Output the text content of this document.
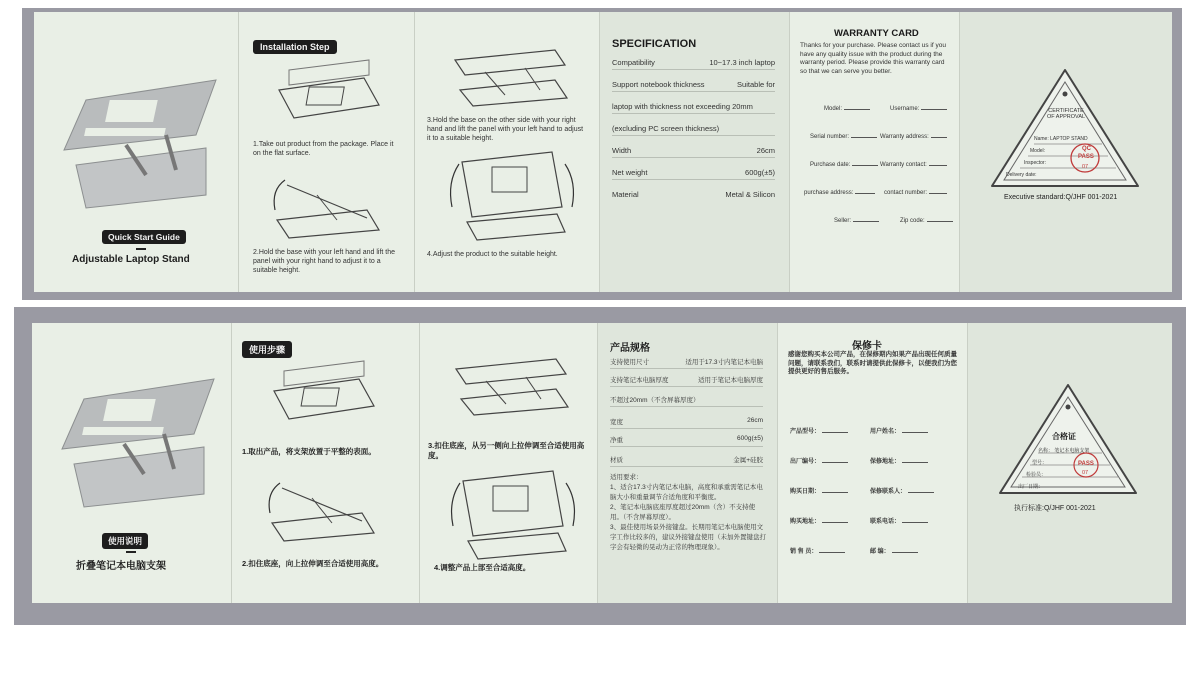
Quick Start Guide
Adjustable Laptop Stand
Installation Step
1.Take out product from the package. Place it on the flat surface.
2.Hold the base with your left hand and lift the panel with your right hand to adjust it to a suitable height.
3.Hold the base on the other side with your right hand and lift the panel with your left hand to adjust it to a suitable height.
4.Adjust the product to the suitable height.
SPECIFICATION
Compatibility	10~17.3 inch laptop
Support notebook thickness	Suitable for
laptop with thickness not exceeding 20mm
(excluding PC screen thickness)
Width	26cm
Net weight	600g(±5)
Material	Metal & Silicon
WARRANTY CARD
Thanks for your purchase. Please contact us if you have any quality issue with the product during the warranty period. Please provide this warranty card so that we can serve you better.
Model:	Username:
Serial number:	Warranty address:
Purchase date:	Warranty contact:
purchase address:	contact number:
Seller:	Zip code:
CERTIFICATE OF APPROVAL
Name: LAPTOP STAND
Model:
Inspector:
Delivery date:
QC
PASS
07
Executive standard:Q/JHF 001-2021
使用说明
折叠笔记本电脑支架
使用步骤
1.取出产品，将支架放置于平整的表面。
2.扣住底座，向上拉伸调至合适使用高度。
3.扣住底座，从另一侧向上拉伸调至合适使用高度。
4.调整产品上部至合适高度。
产品规格
支持使用尺寸	适用于17.3寸内笔记本电脑
支持笔记本电脑厚度	适用于笔记本电脑厚度
不超过20mm（不含屏幕厚度）
宽度	26cm
净重	600g(±5)
材质	金属+硅胶
适用要求：
1、适合17.3寸内笔记本电脑，高度和承重需笔记本电脑大小和重量调节合适角度和平衡度。
2、笔记本电脑底座厚度超过20mm（含）不支持使用。（不含屏幕厚度）。
3、最佳使用场景外接键盘。长期用笔记本电脑使用文字工作比较多的，建议外接键盘使用（未加外置键盘打字会有轻微的晃动为正常的物理现象）。
保修卡
感谢您购买本公司产品，在保修期内如果产品出现任何质量问题，请联系我们，联系时请提供此保修卡，以便我们为您提供更好的售后服务。
产品型号：	用户姓名：
出厂编号：	保修地址：
购买日期：	保修联系人：
购买地址：	联系电话：
销 售 员：	邮 编：
合格证
名称： 笔记本电脑支架
型号：
检验员：
出厂日期：
PASS
07
执行标准:Q/JHF 001-2021
